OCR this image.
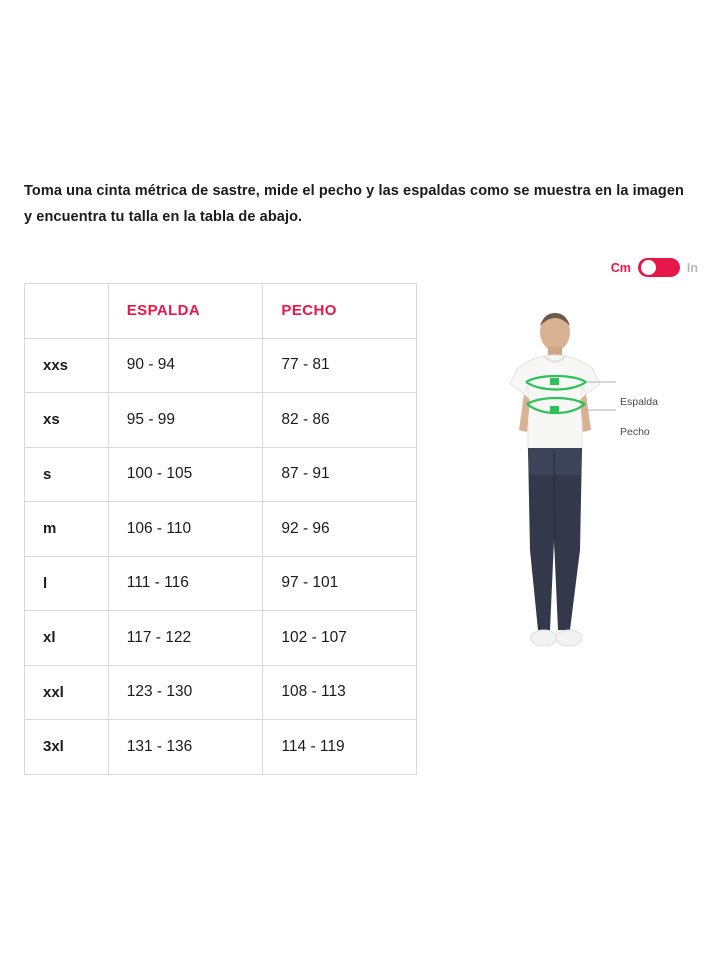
Toma una cinta métrica de sastre, mide el pecho y las espaldas como se muestra en la imagen
y encuentra tu talla en la tabla de abajo.
Cm	In
	ESPALDA	PECHO
xxs	90 - 94	77 - 81
xs	95 - 99	82 - 86
s	100 - 105	87 - 91
m	106 - 110	92 - 96
l	111 - 116	97 - 101
xl	117 - 122	102 - 107
xxl	123 - 130	108 - 113
3xl	131 - 136	114 - 119
Espalda
Pecho
